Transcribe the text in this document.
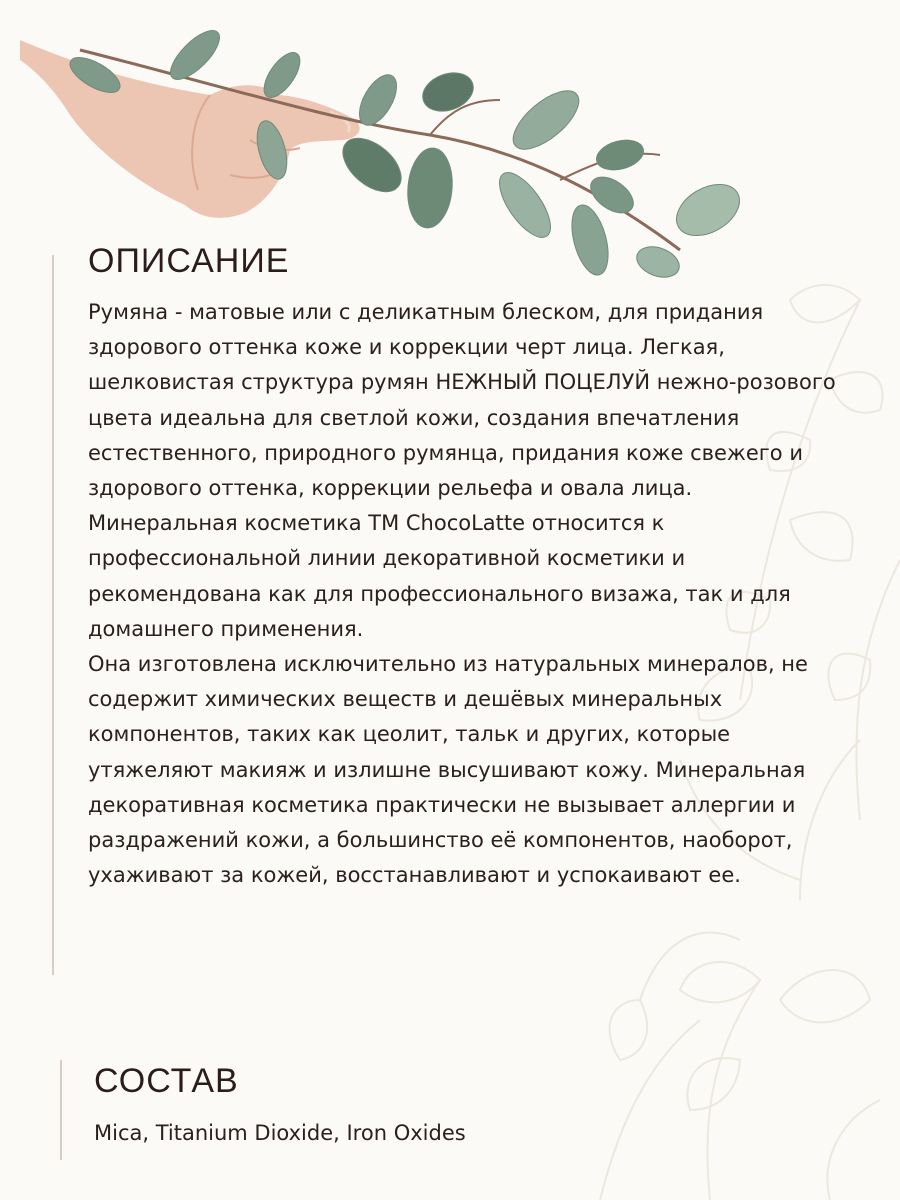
ОПИСАНИЕ

Румяна - матовые или с деликатным блеском, для придания здорового оттенка коже и коррекции черт лица. Легкая, шелковистая структура румян НЕЖНЫЙ ПОЦЕЛУЙ нежно-розового цвета идеальна для светлой кожи, создания впечатления естественного, природного румянца, придания коже свежего и здорового оттенка, коррекции рельефа и овала лица.

Минеральная косметика ТМ ChocoLatte относится к профессиональной линии декоративной косметики и рекомендована как для профессионального визажа, так и для домашнего применения.

Она изготовлена исключительно из натуральных минералов, не содержит химических веществ и дешёвых минеральных компонентов, таких как цеолит, тальк и других, которые утяжеляют макияж и излишне высушивают кожу. Минеральная декоративная косметика практически не вызывает аллергии и раздражений кожи, а большинство её компонентов, наоборот, ухаживают за кожей, восстанавливают и успокаивают ее.

СОСТАВ
Mica, Titanium Dioxide, Iron Oxides
